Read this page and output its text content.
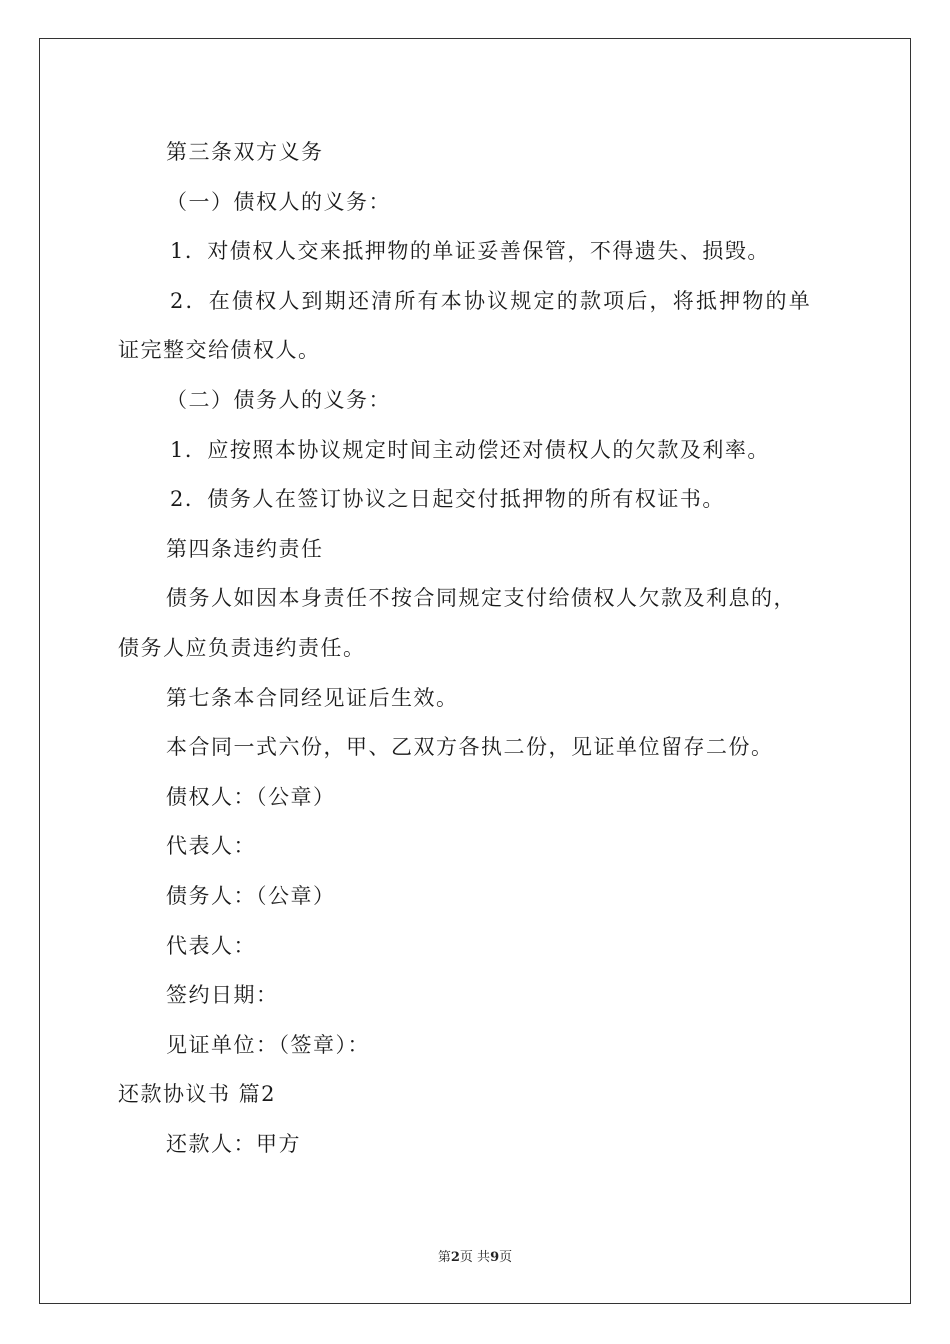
第三条双方义务
（一）债权人的义务：
1．对债权人交来抵押物的单证妥善保管，不得遗失、损毁。
2．在债权人到期还清所有本协议规定的款项后，将抵押物的单
证完整交给债权人。
（二）债务人的义务：
1．应按照本协议规定时间主动偿还对债权人的欠款及利率。
2．债务人在签订协议之日起交付抵押物的所有权证书。
第四条违约责任
债务人如因本身责任不按合同规定支付给债权人欠款及利息的，
债务人应负责违约责任。
第七条本合同经见证后生效。
本合同一式六份，甲、乙双方各执二份，见证单位留存二份。
债权人：（公章）
代表人：
债务人：（公章）
代表人：
签约日期：
见证单位：（签章）：
还款协议书 篇2
还款人：甲方
第2页 共9页
